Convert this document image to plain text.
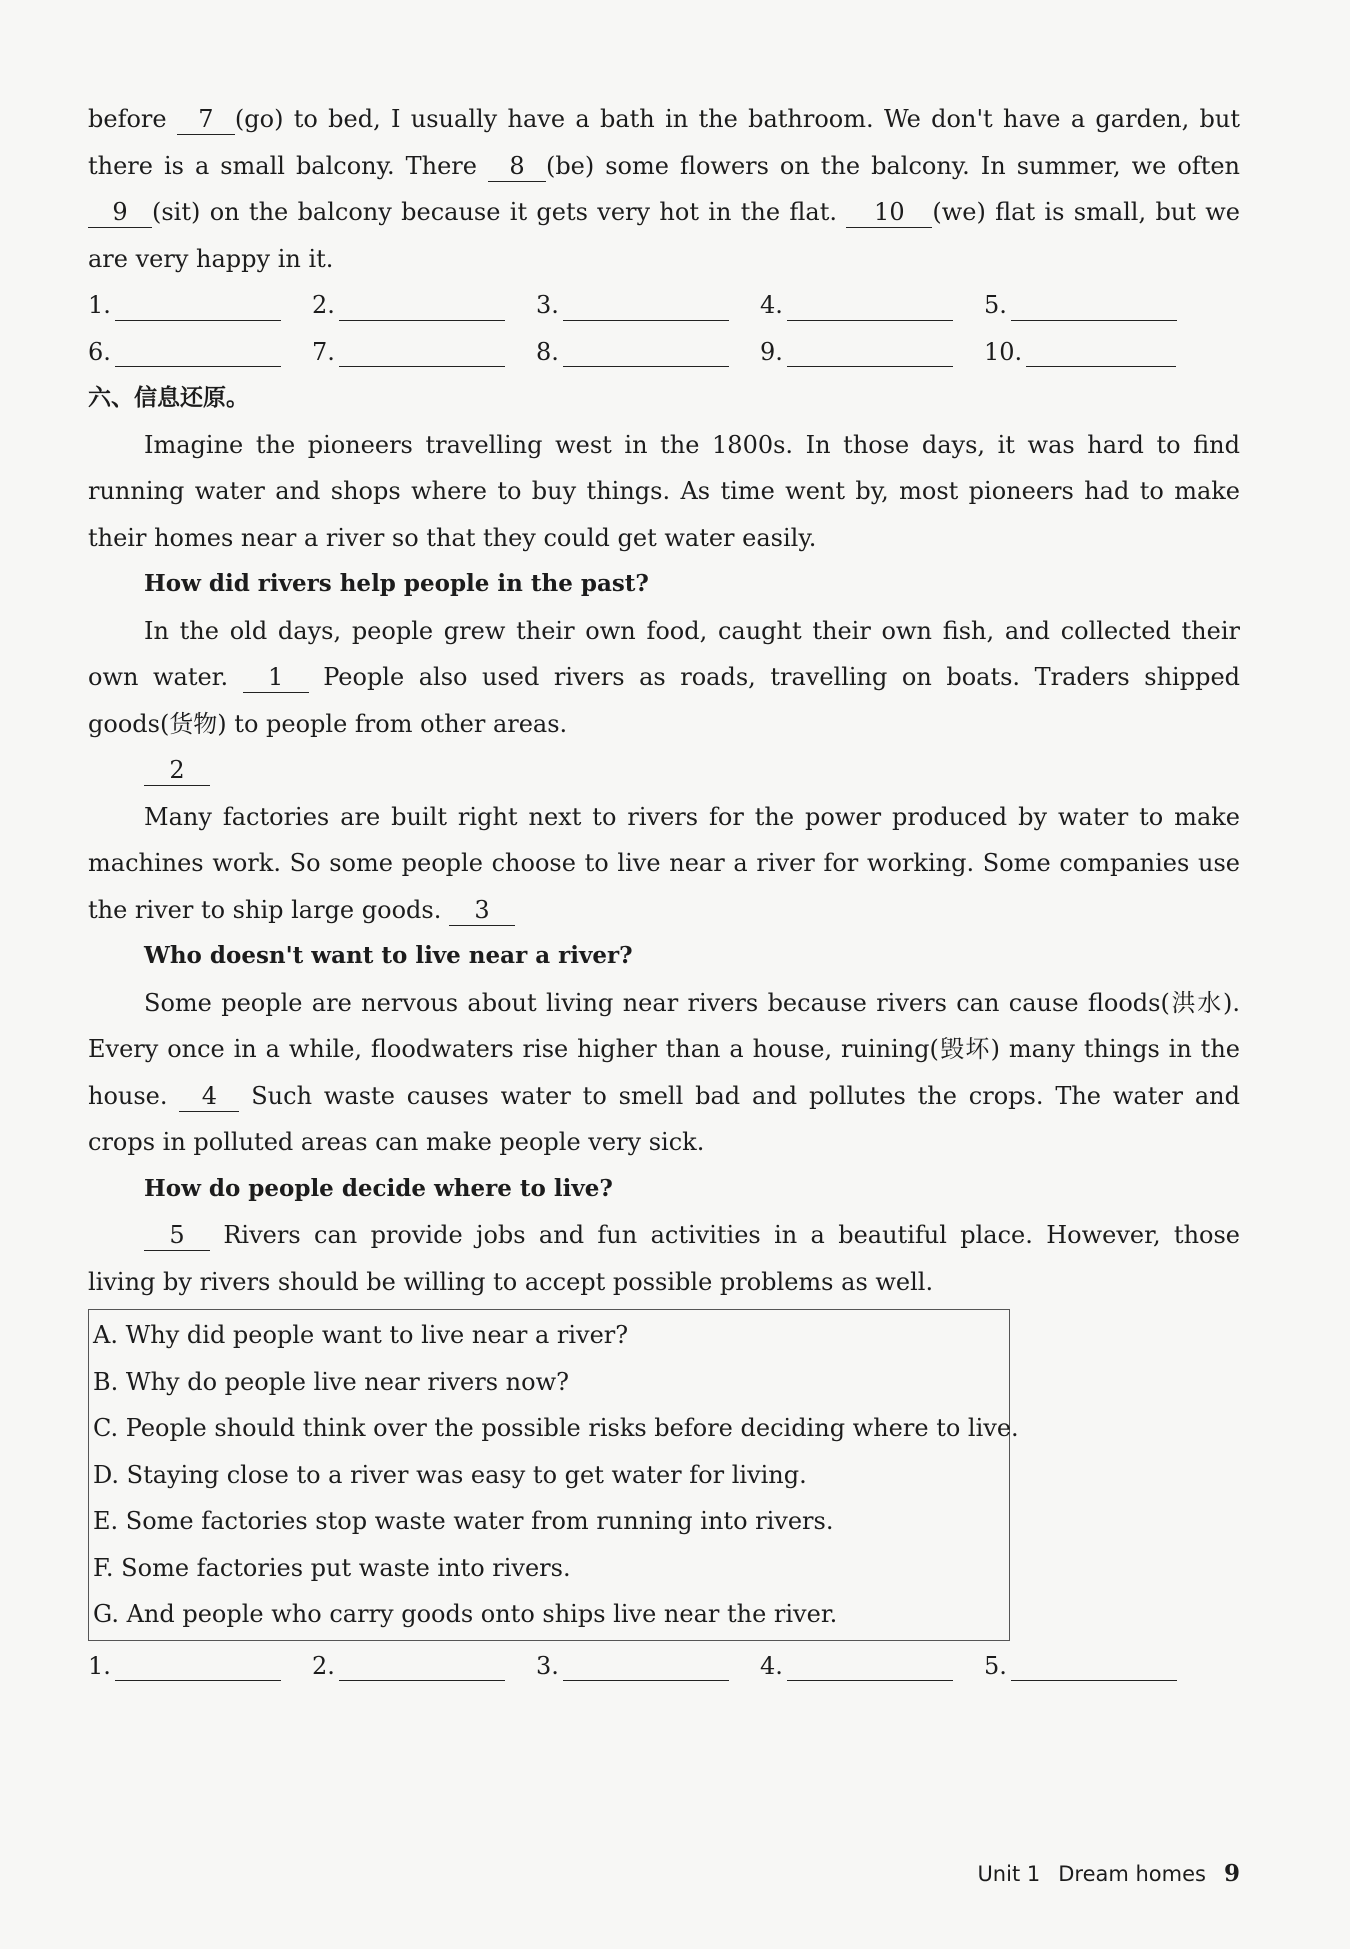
before 7 (go) to bed, I usually have a bath in the bathroom. We don't have a garden, but there is a small balcony. There 8 (be) some flowers on the balcony. In summer, we often 9 (sit) on the balcony because it gets very hot in the flat. 10 (we) flat is small, but we are very happy in it.

1.	2.	3.	4.	5.
6.	7.	8.	9.	10.
六、信息还原。

Imagine the pioneers travelling west in the 1800s. In those days, it was hard to find running water and shops where to buy things. As time went by, most pioneers had to make their homes near a river so that they could get water easily.

How did rivers help people in the past?

In the old days, people grew their own food, caught their own fish, and collected their own water. 1 People also used rivers as roads, travelling on boats. Traders shipped goods(货物) to people from other areas.

2

Many factories are built right next to rivers for the power produced by water to make machines work. So some people choose to live near a river for working. Some companies use the river to ship large goods. 3

Who doesn't want to live near a river?

Some people are nervous about living near rivers because rivers can cause floods(洪水). Every once in a while, floodwaters rise higher than a house, ruining(毁坏) many things in the house. 4 Such waste causes water to smell bad and pollutes the crops. The water and crops in polluted areas can make people very sick.

How do people decide where to live?

5 Rivers can provide jobs and fun activities in a beautiful place. However, those living by rivers should be willing to accept possible problems as well.

A. Why did people want to live near a river?
B. Why do people live near rivers now?
C. People should think over the possible risks before deciding where to live.
D. Staying close to a river was easy to get water for living.
E. Some factories stop waste water from running into rivers.
F. Some factories put waste into rivers.
G. And people who carry goods onto ships live near the river.
1.	2.	3.	4.	5.
Unit 1 Dream homes 9
